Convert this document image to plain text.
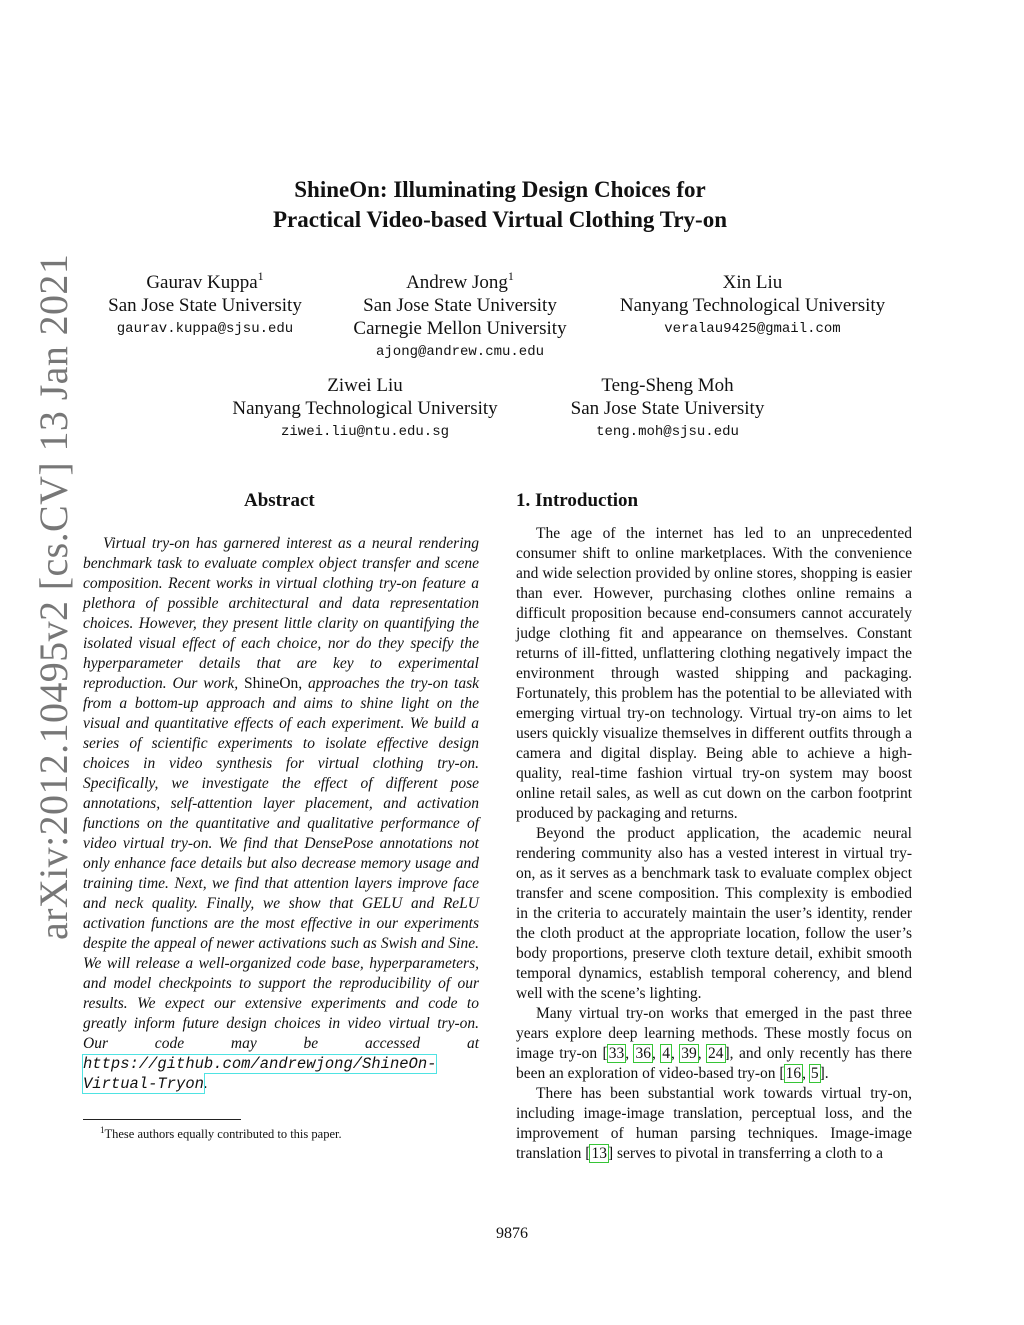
arXiv:2012.10495v2 [cs.CV] 13 Jan 2021
ShineOn: Illuminating Design Choices for
Practical Video-based Virtual Clothing Try-on
Gaurav Kuppa$^1$
San Jose State University
gaurav.kuppa@sjsu.edu
Andrew Jong$^1$
San Jose State University
Carnegie Mellon University
ajong@andrew.cmu.edu
Xin Liu
Nanyang Technological University
veralau9425@gmail.com
Ziwei Liu
Nanyang Technological University
ziwei.liu@ntu.edu.sg
Teng-Sheng Moh
San Jose State University
teng.moh@sjsu.edu
Abstract

Virtual try-on has garnered interest as a neural rendering benchmark task to evaluate complex object transfer and scene composition. Recent works in virtual clothing try-on feature a plethora of possible architectural and data representation choices. However, they present little clarity on quantifying the isolated visual effect of each choice, nor do they specify the hyperparameter details that are key to experimental reproduction. Our work, ShineOn, approaches the try-on task from a bottom-up approach and aims to shine light on the visual and quantitative effects of each experiment. We build a series of scientific experiments to isolate effective design choices in video synthesis for virtual clothing try-on. Specifically, we investigate the effect of different pose annotations, self-attention layer placement, and activation functions on the quantitative and qualitative performance of video virtual try-on. We find that DensePose annotations not only enhance face details but also decrease memory usage and training time. Next, we find that attention layers improve face and neck quality. Finally, we show that GELU and ReLU activation functions are the most effective in our experiments despite the appeal of newer activations such as Swish and Sine. We will release a well-organized code base, hyperparameters, and model checkpoints to support the reproducibility of our results. We expect our extensive experiments and code to greatly inform future design choices in video virtual try-on. Our code may be accessed at https://github.com/andrewjong/ShineOn-Virtual-Tryon.

$^1$These authors equally contributed to this paper.
1. Introduction

The age of the internet has led to an unprecedented consumer shift to online marketplaces. With the convenience and wide selection provided by online stores, shopping is easier than ever. However, purchasing clothes online remains a difficult proposition because end-consumers cannot accurately judge clothing fit and appearance on themselves. Constant returns of ill-fitted, unflattering clothing negatively impact the environment through wasted shipping and packaging. Fortunately, this problem has the potential to be alleviated with emerging virtual try-on technology. Virtual try-on aims to let users quickly visualize themselves in different outfits through a camera and digital display. Being able to achieve a high-quality, real-time fashion virtual try-on system may boost online retail sales, as well as cut down on the carbon footprint produced by packaging and returns.

Beyond the product application, the academic neural rendering community also has a vested interest in virtual try-on, as it serves as a benchmark task to evaluate complex object transfer and scene composition. This complexity is embodied in the criteria to accurately maintain the user’s identity, render the cloth product at the appropriate location, follow the user’s body proportions, preserve cloth texture detail, exhibit smooth temporal dynamics, establish temporal coherency, and blend well with the scene’s lighting.

Many virtual try-on works that emerged in the past three years explore deep learning methods. These mostly focus on image try-on [33, 36, 4, 39, 24], and only recently has there been an exploration of video-based try-on [16, 5].

There has been substantial work towards virtual try-on, including image-image translation, perceptual loss, and the improvement of human parsing techniques. Image-image translation [13] serves to pivotal in transferring a cloth to a

9876
